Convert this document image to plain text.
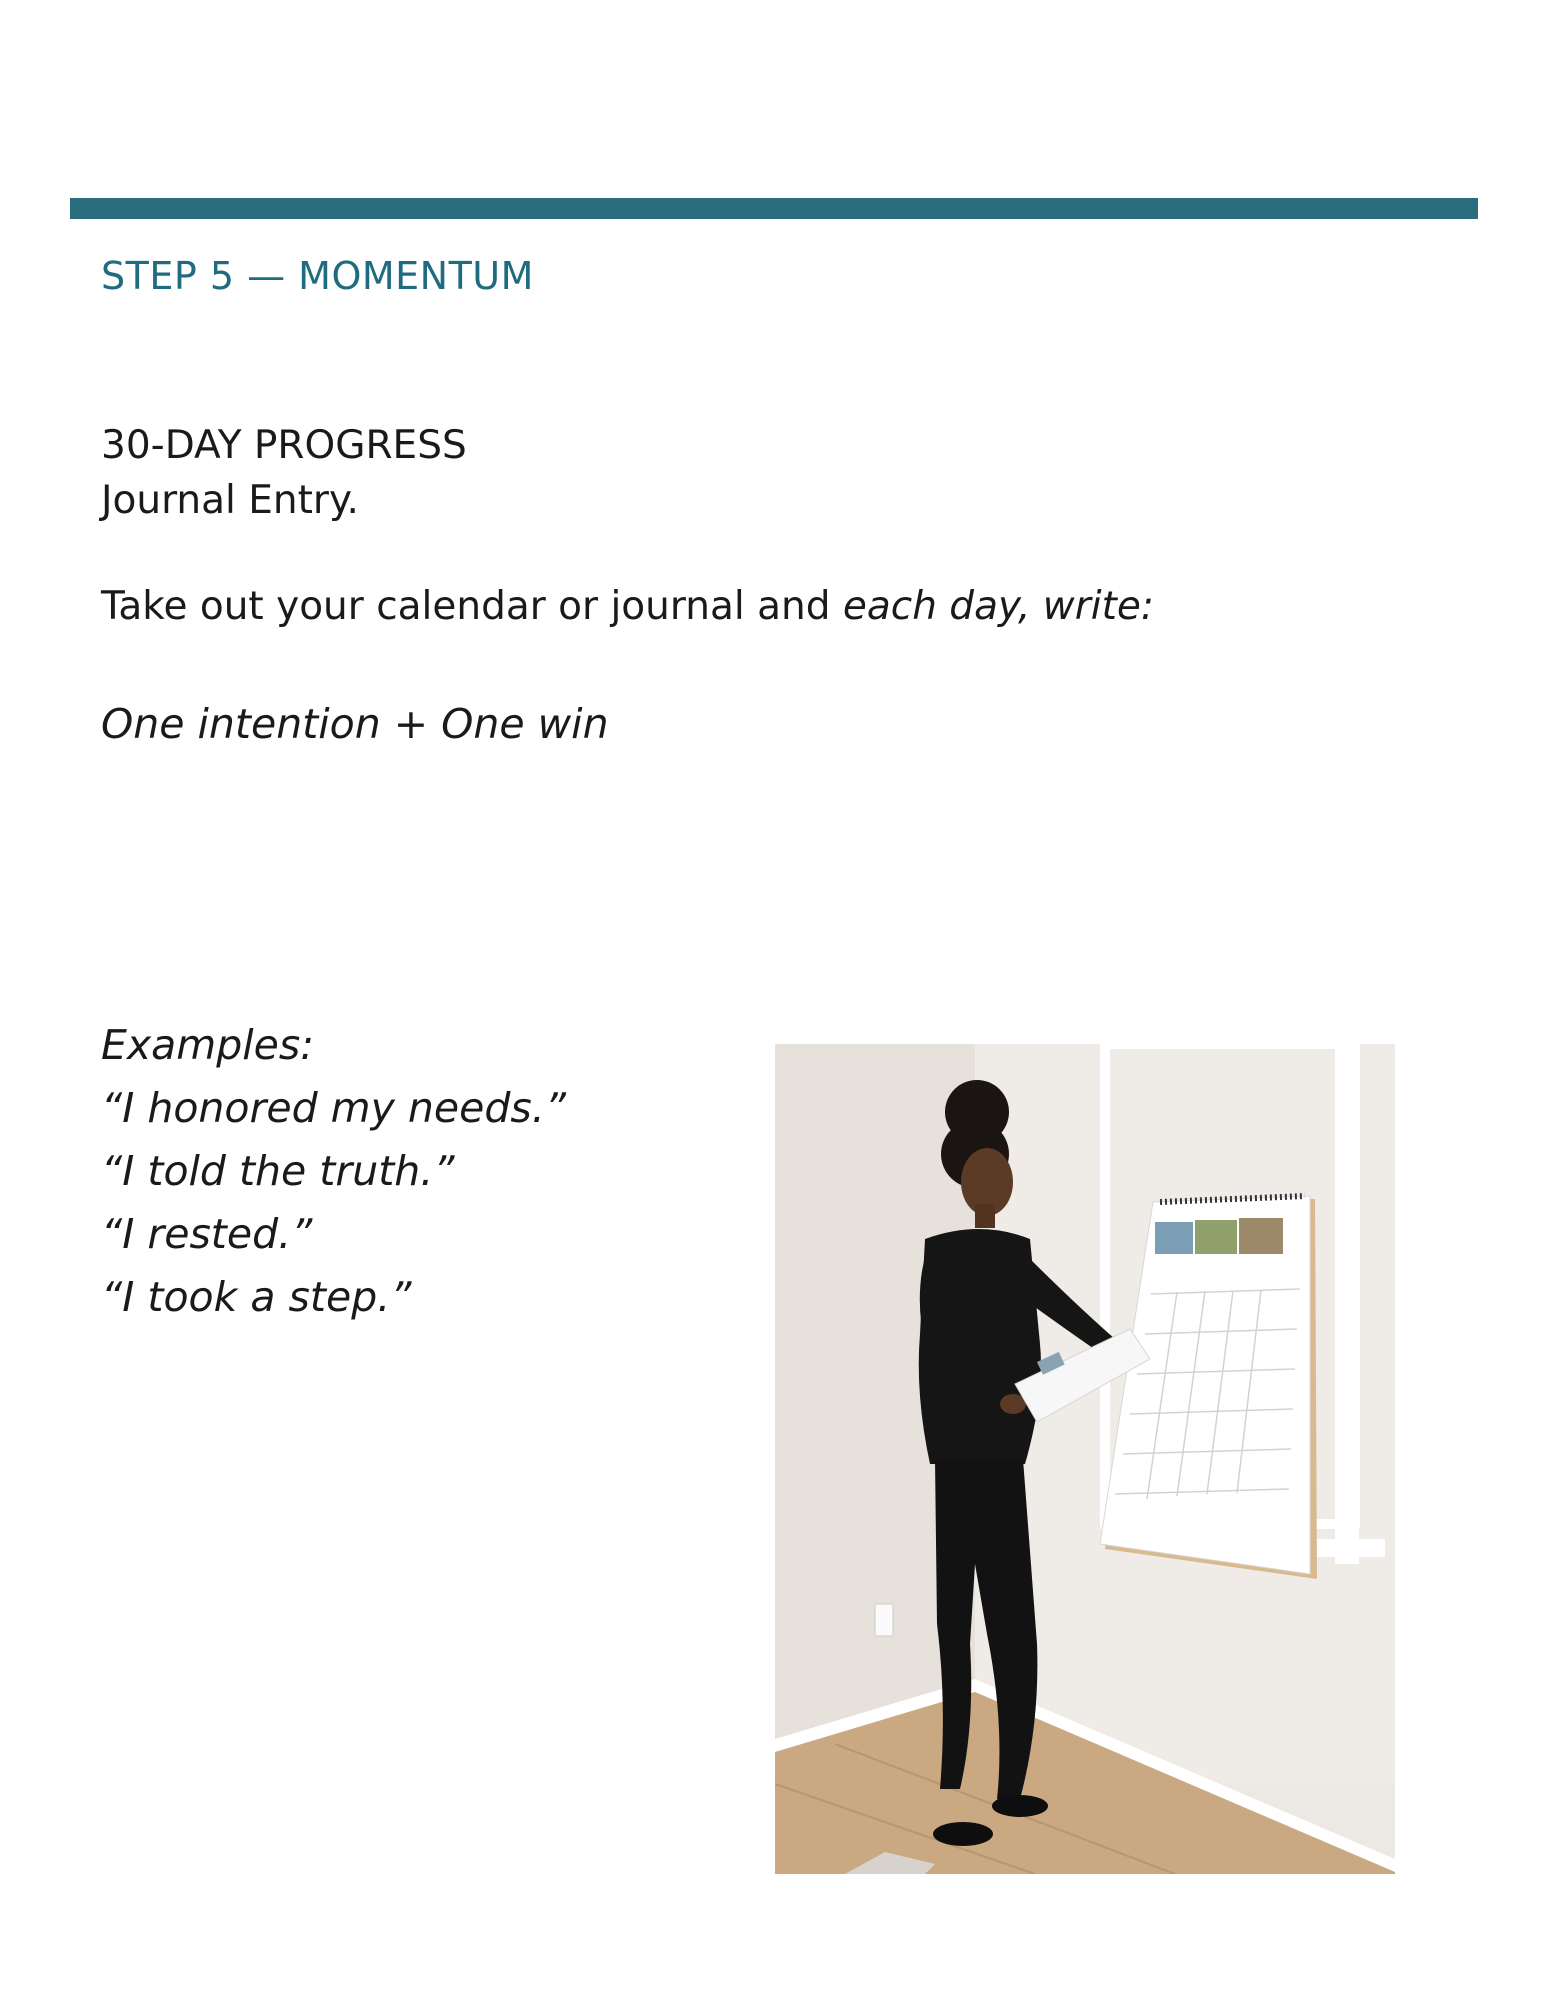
STEP 5 — MOMENTUM
30-DAY PROGRESS
Journal Entry.
Take out your calendar or journal and each day, write:
One intention + One win
Examples:
“I honored my needs.”
“I told the truth.”
“I rested.”
“I took a step.”
